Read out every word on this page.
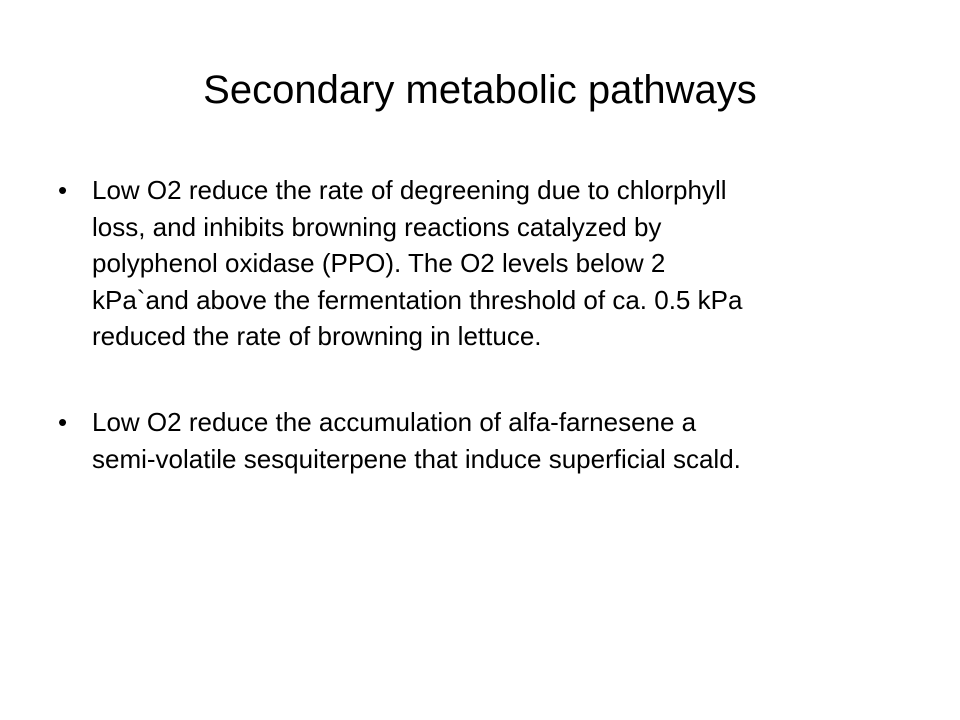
Secondary metabolic pathways
• Low O2 reduce the rate of degreening due to chlorphyll
loss, and inhibits browning reactions catalyzed by
polyphenol oxidase (PPO). The O2 levels below 2
kPa`and above the fermentation threshold of ca. 0.5 kPa
reduced the rate of browning in lettuce.
• Low O2 reduce the accumulation of alfa-farnesene a
semi-volatile sesquiterpene that induce superficial scald.
